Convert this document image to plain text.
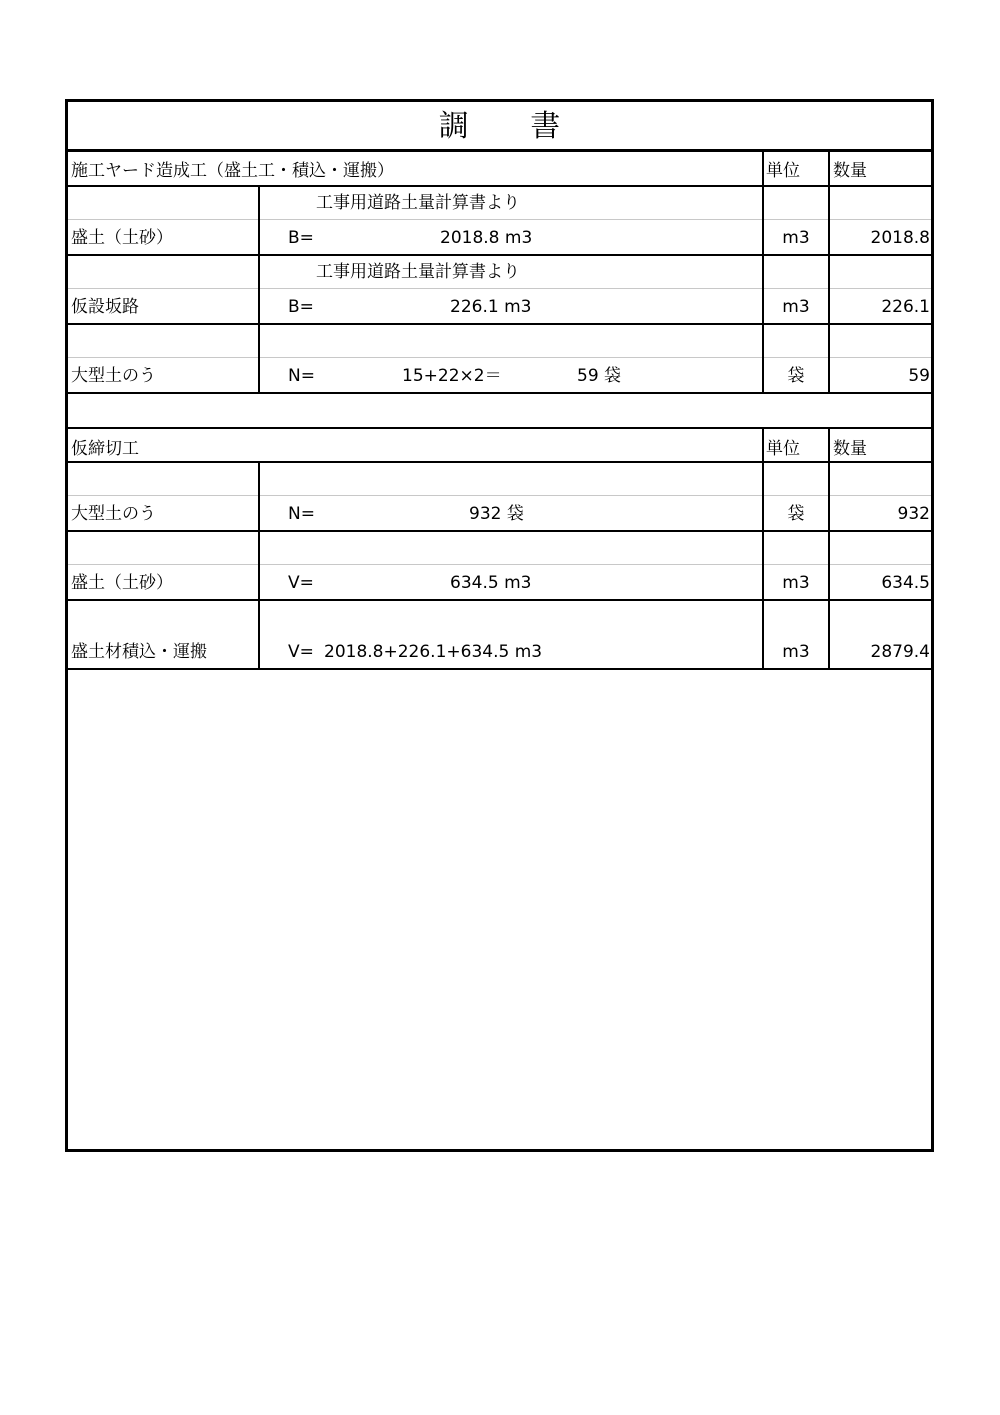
調 書
施工ヤード造成工（盛土工・積込・運搬）	単位 数量
工事用道路土量計算書より
盛土（土砂）	B=	2018.8 m3	m3	2018.8
工事用道路土量計算書より
仮設坂路	B=	226.1 m3	m3	226.1
大型土のう	N=	15+22×2＝	59 袋	袋	59
仮締切工	単位 数量
大型土のう	N=	932 袋	袋	932
盛土（土砂）	V=	634.5 m3	m3	634.5
盛土材積込・運搬	V= 2018.8+226.1+634.5 m3	m3	2879.4
